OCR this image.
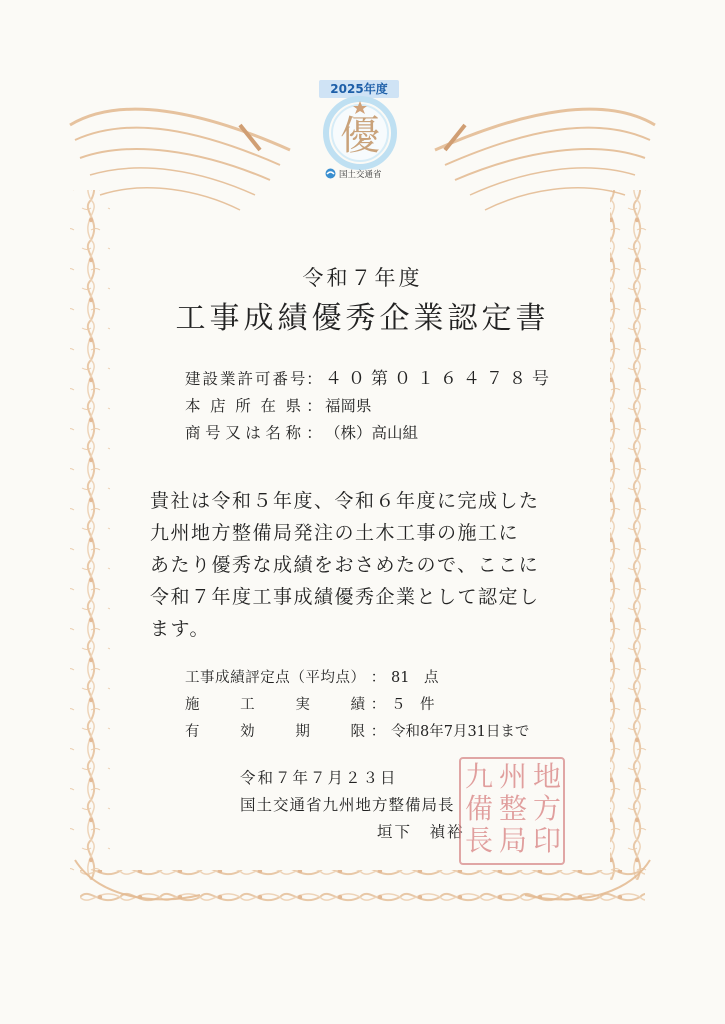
2025年度
優
国土交通省
令和７年度
工事成績優秀企業認定書
建設業許可番号： ４０第０１６４７８号
本店所在県 ： 福岡県
商号又は名称 ： （株）高山組
貴社は令和５年度、令和６年度に完成した
九州地方整備局発注の土木工事の施工に
あたり優秀な成績をおさめたので、ここに
令和７年度工事成績優秀企業として認定し
ます。
工事成績評定点（平均点） ： 81　点
施工実績 ： ５　件
有効期限 ： 令和8年7月31日まで
令和７年７月２３日
国土交通省九州地方整備局長
垣下　禎裕
地
方
州
整
局
九
備
長 印
